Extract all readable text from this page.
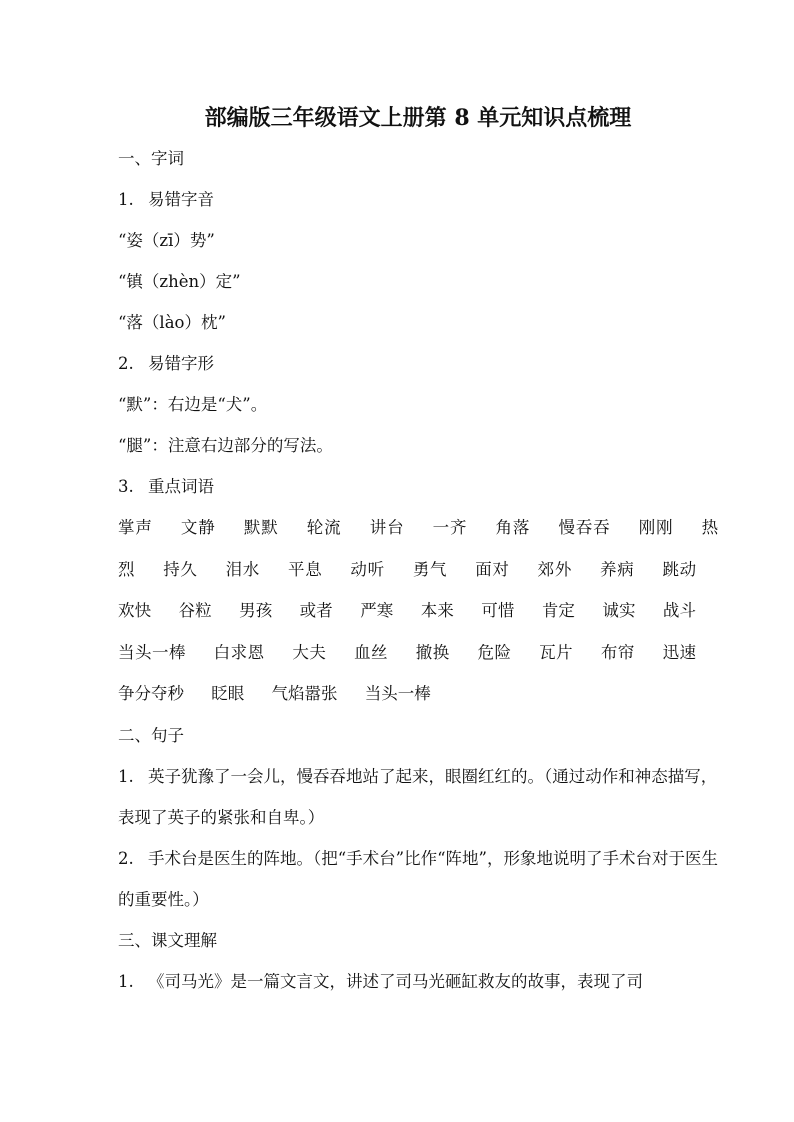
部编版三年级语文上册第 8 单元知识点梳理

一、字词

1. 易错字音

“姿（zī）势”

“镇（zhèn）定”

“落（lào）枕”

2. 易错字形

“默”：右边是“犬”。

“腿”：注意右边部分的写法。

3. 重点词语

掌声 文静 默默 轮流 讲台 一齐 角落 慢吞吞 刚刚 热烈 持久 泪水 平息 动听 勇气 面对 郊外 养病 跳动 欢快 谷粒 男孩 或者 严寒 本来 可惜 肯定 诚实 战斗 当头一棒 白求恩 大夫 血丝 撤换 危险 瓦片 布帘 迅速 争分夺秒 眨眼 气焰嚣张 当头一棒

二、句子

1. 英子犹豫了一会儿，慢吞吞地站了起来，眼圈红红的。（通过动作和神态描写，表现了英子的紧张和自卑。）

2. 手术台是医生的阵地。（把“手术台”比作“阵地”，形象地说明了手术台对于医生的重要性。）

三、课文理解

1. 《司马光》是一篇文言文，讲述了司马光砸缸救友的故事，表现了司
